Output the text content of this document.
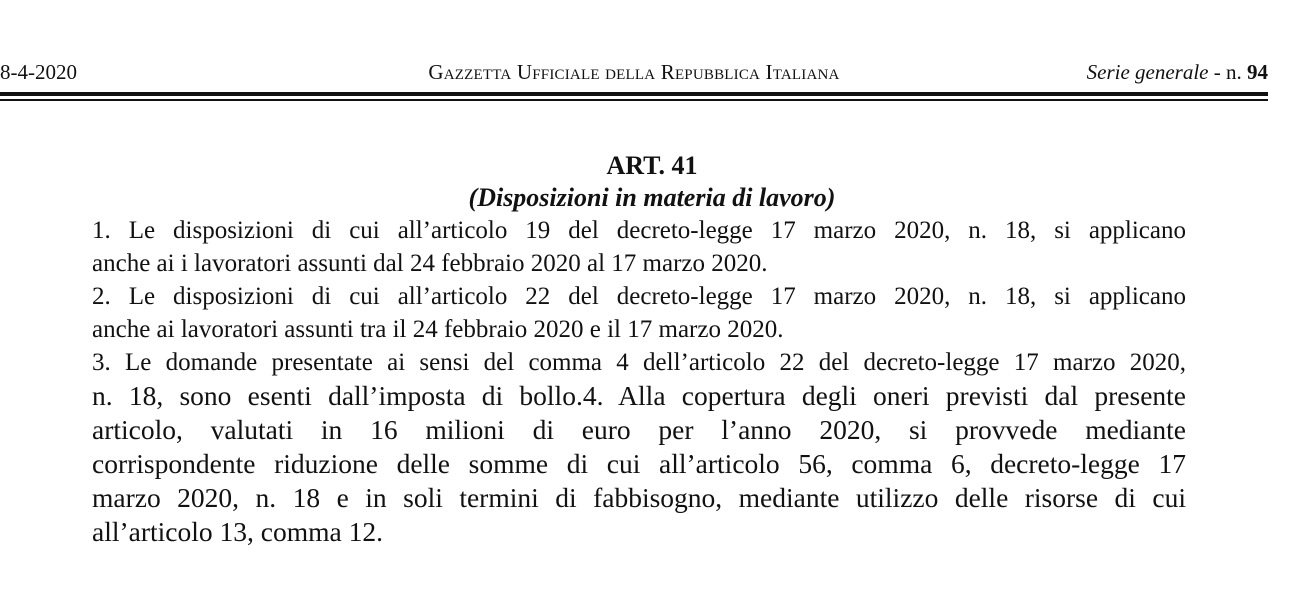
8-4-2020	Gazzetta Ufficiale della Repubblica Italiana	Serie generale - n. 94
ART. 41
(Disposizioni in materia di lavoro)
1. Le disposizioni di cui all’articolo 19 del decreto-legge 17 marzo 2020, n. 18, si applicano
anche ai i lavoratori assunti dal 24 febbraio 2020 al 17 marzo 2020.
2. Le disposizioni di cui all’articolo 22 del decreto-legge 17 marzo 2020, n. 18, si applicano
anche ai lavoratori assunti tra il 24 febbraio 2020 e il 17 marzo 2020.
3. Le domande presentate ai sensi del comma 4 dell’articolo 22 del decreto-legge 17 marzo 2020,
n. 18, sono esenti dall’imposta di bollo.4. Alla copertura degli oneri previsti dal presente
articolo, valutati in 16 milioni di euro per l’anno 2020, si provvede mediante
corrispondente riduzione delle somme di cui all’articolo 56, comma 6, decreto-legge 17
marzo 2020, n. 18 e in soli termini di fabbisogno, mediante utilizzo delle risorse di cui
all’articolo 13, comma 12.
